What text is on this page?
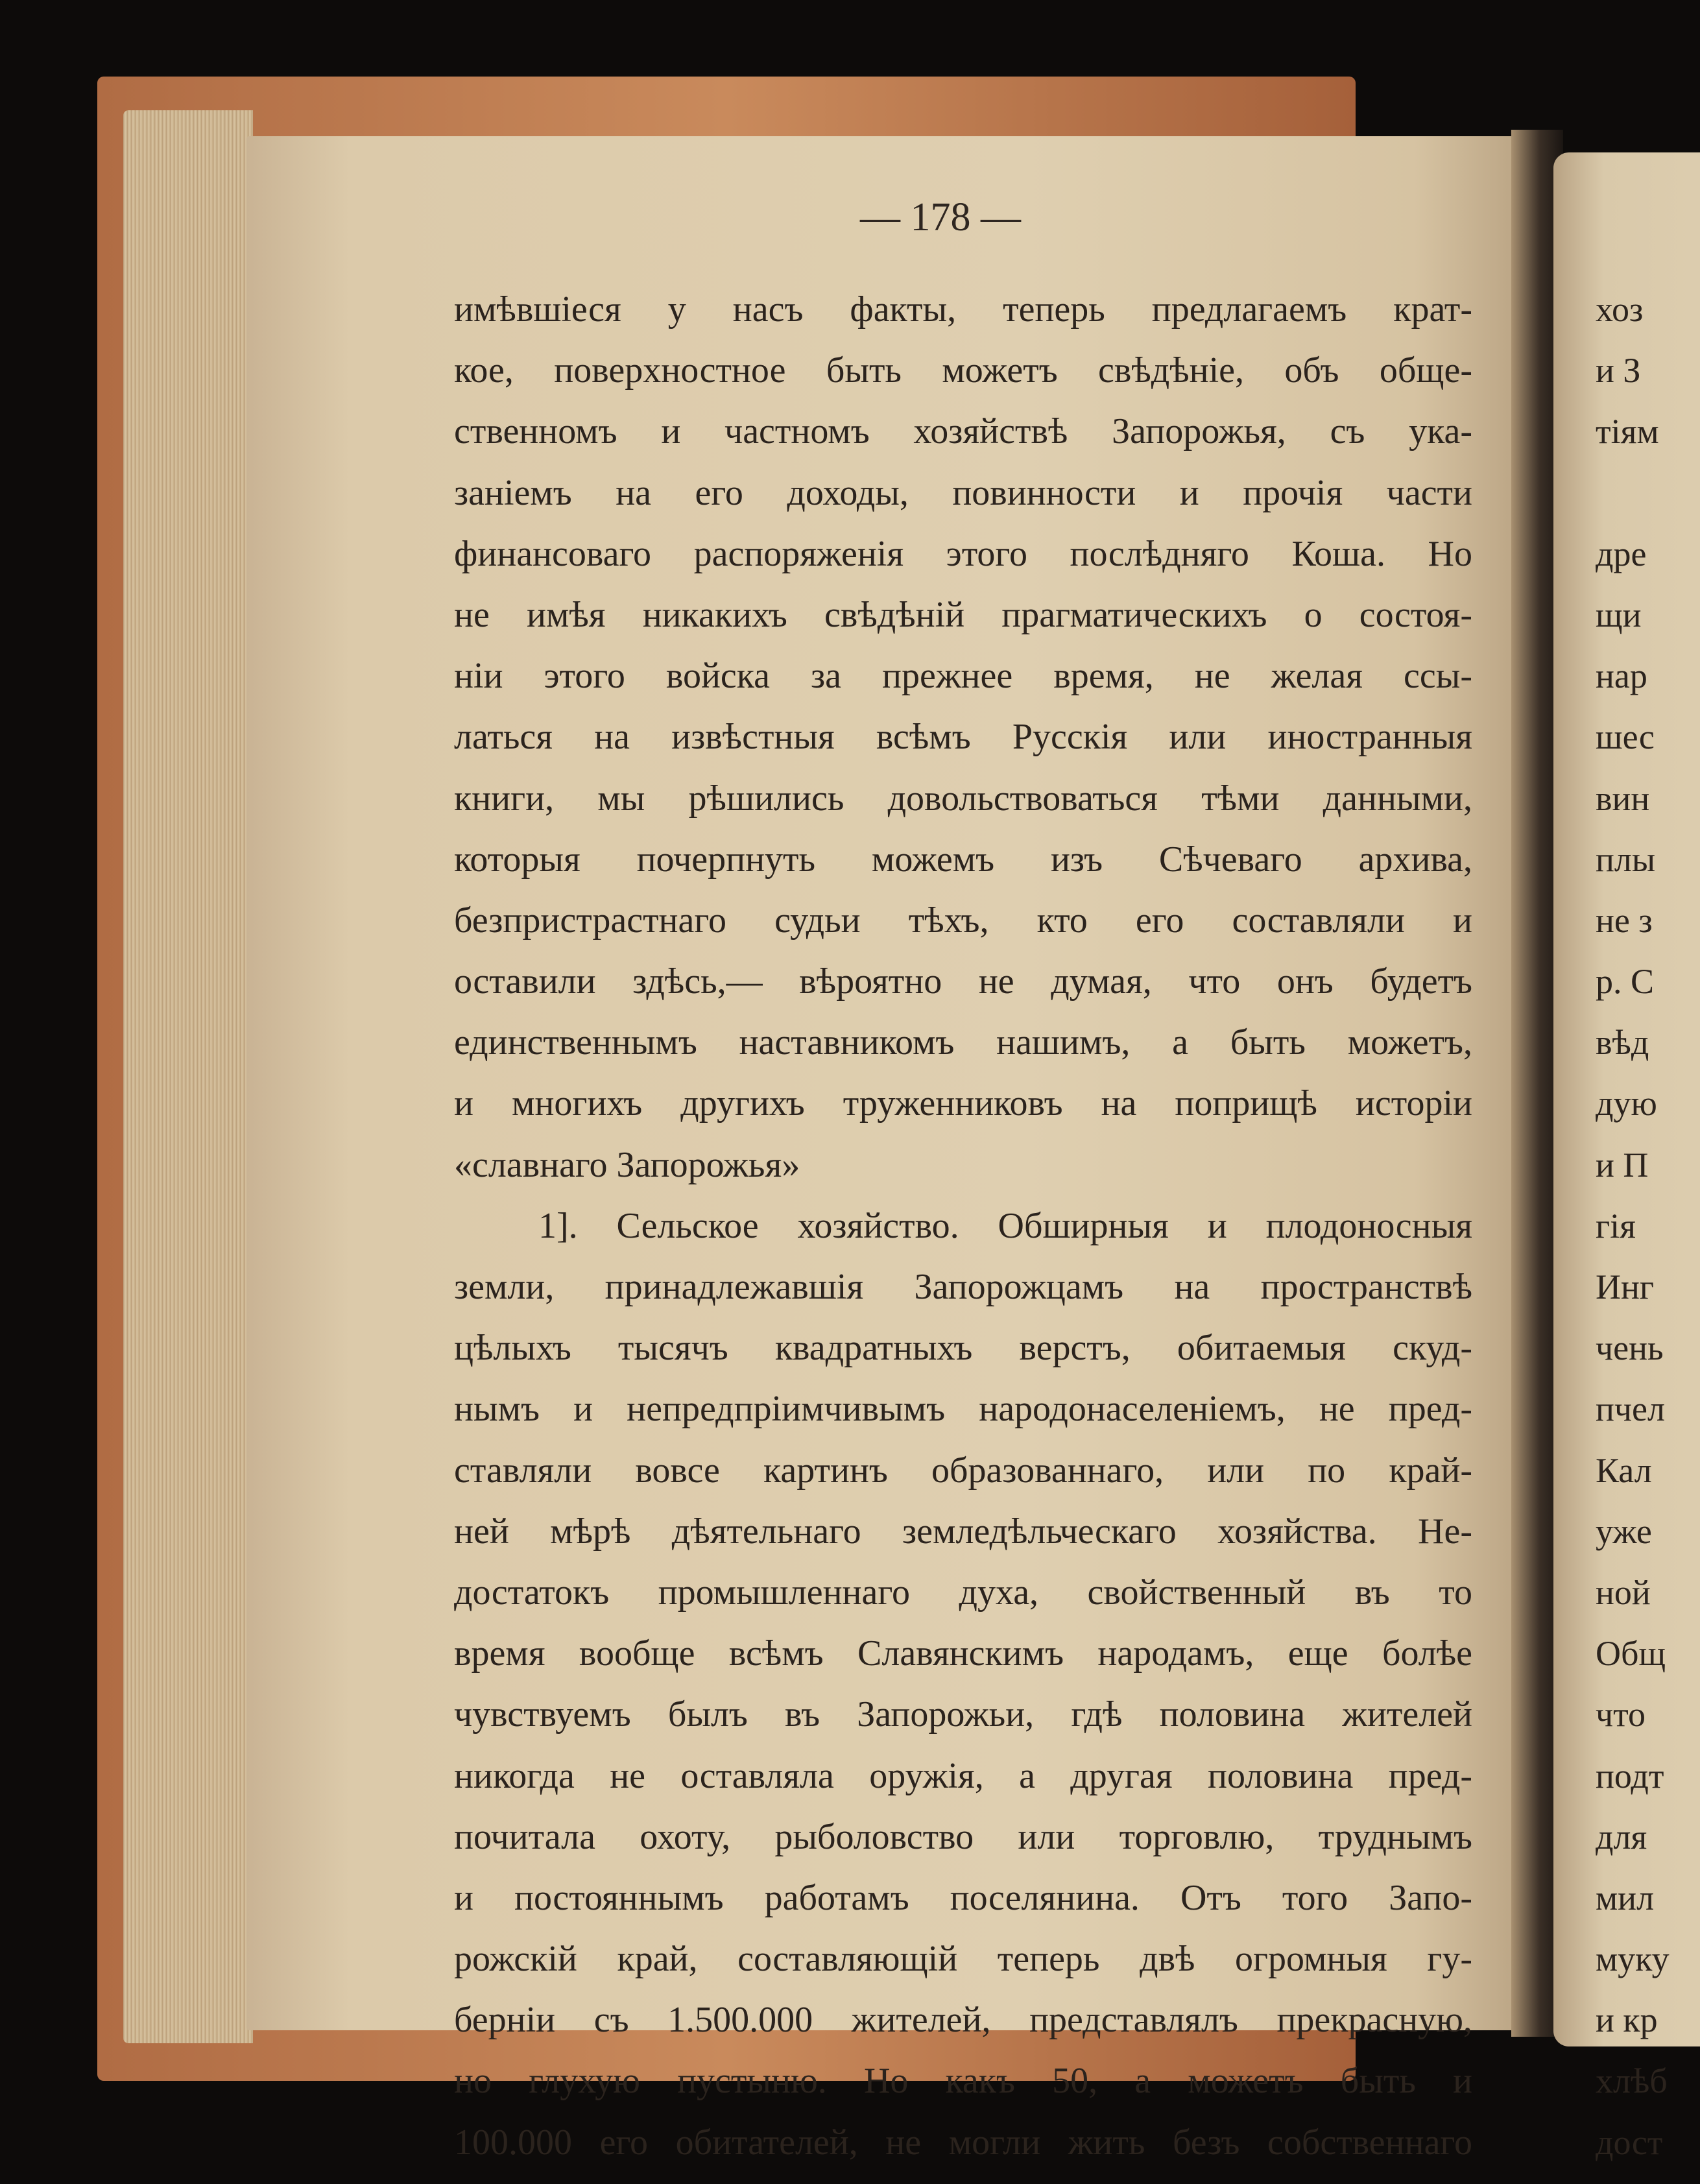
— 178 —
имѣвшіеся у насъ факты, теперь предлагаемъ крат-
кое, поверхностное быть можетъ свѣдѣніе, объ обще-
ственномъ и частномъ хозяйствѣ Запорожья, съ ука-
заніемъ на его доходы, повинности и прочія части
финансоваго распоряженія этого послѣдняго Коша. Но
не имѣя никакихъ свѣдѣній прагматическихъ о состоя-
ніи этого войска за прежнее время, не желая ссы-
латься на извѣстныя всѣмъ Русскія или иностранныя
книги, мы рѣшились довольствоваться тѣми данными,
которыя почерпнуть можемъ изъ Сѣчеваго архива,
безпристрастнаго судьи тѣхъ, кто его составляли и
оставили здѣсь,— вѣроятно не думая, что онъ будетъ
единственнымъ наставникомъ нашимъ, а быть можетъ,
и многихъ другихъ труженниковъ на поприщѣ исторіи
«славнаго Запорожья»
1]. Сельское хозяйство. Обширныя и плодоносныя
земли, принадлежавшія Запорожцамъ на пространствѣ
цѣлыхъ тысячъ квадратныхъ верстъ, обитаемыя скуд-
нымъ и непредпріимчивымъ народонаселеніемъ, не пред-
ставляли вовсе картинъ образованнаго, или по край-
ней мѣрѣ дѣятельнаго земледѣльческаго хозяйства. Не-
достатокъ промышленнаго духа, свойственный въ то
время вообще всѣмъ Славянскимъ народамъ, еще болѣе
чувствуемъ былъ въ Запорожьи, гдѣ половина жителей
никогда не оставляла оружія, а другая половина пред-
почитала охоту, рыболовство или торговлю, труднымъ
и постояннымъ работамъ поселянина. Отъ того Запо-
рожскій край, составляющій теперь двѣ огромныя гу-
берніи съ 1.500.000 жителей, представлялъ прекрасную,
но глухую пустыню. Но какъ 50, а можетъ быть и
100.000 его обитателей, не могли жить безъ собственнаго
хоз
и З
тіям
дре
щи
нар
шес
вин
плы
не з
р. С
вѣд
дую
и П
гія
Инг
чень
пчел
Кал
уже
ной
Общ
что
подт
для
мил
муку
и кр
хлѣб
дост
